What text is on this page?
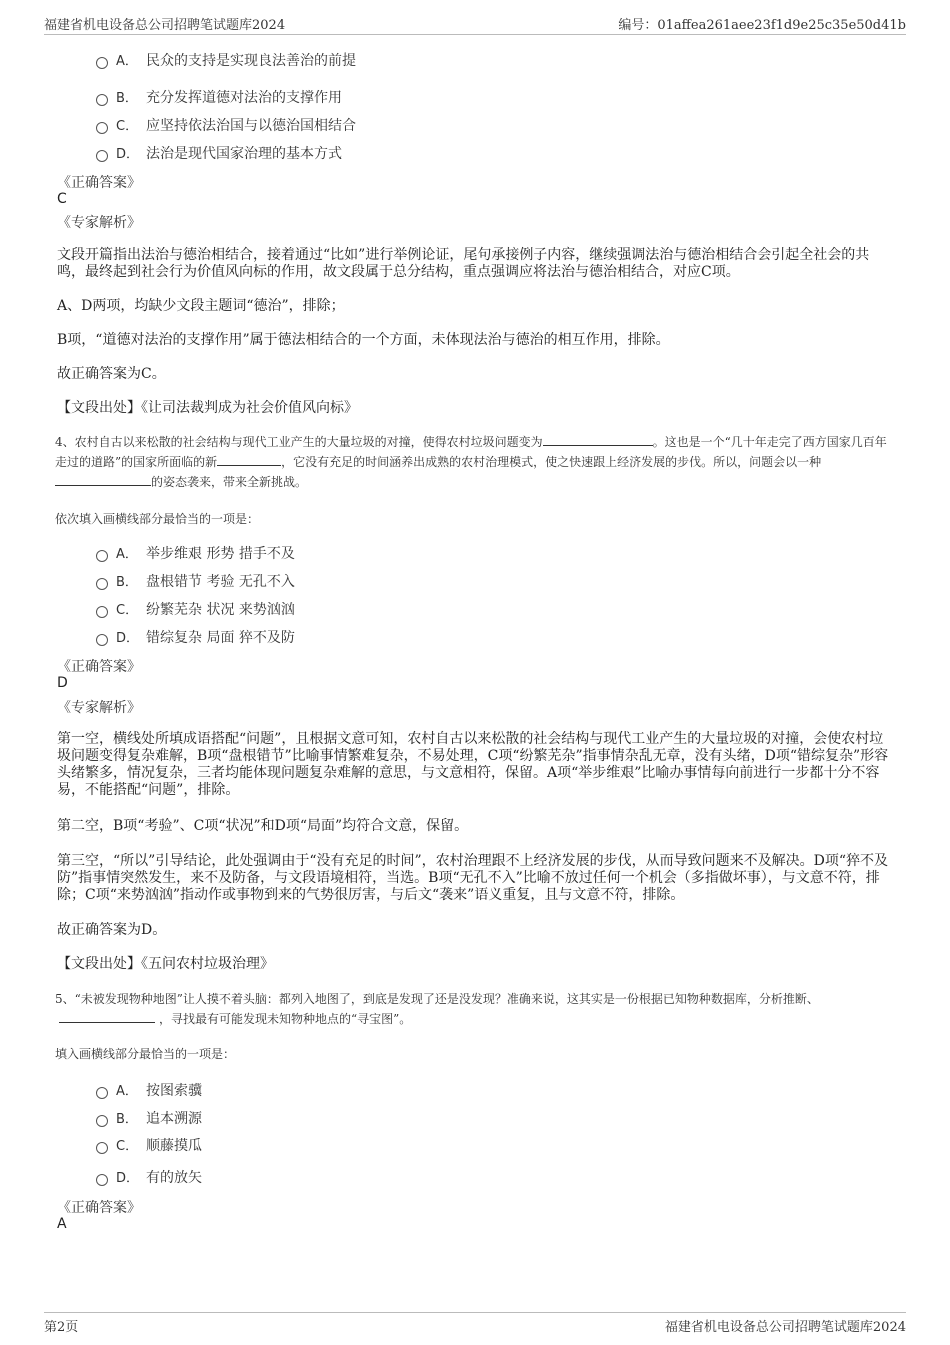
福建省机电设备总公司招聘笔试题库2024	编号：01affea261aee23f1d9e25c35e50d41b
A． 民众的支持是实现良法善治的前提
B． 充分发挥道德对法治的支撑作用
C． 应坚持依法治国与以德治国相结合
D． 法治是现代国家治理的基本方式
《正确答案》
C
《专家解析》
文段开篇指出法治与德治相结合，接着通过“比如”进行举例论证，尾句承接例子内容，继续强调法治与德治相结合会引起全社会的共鸣，最终起到社会行为价值风向标的作用，故文段属于总分结构，重点强调应将法治与德治相结合，对应C项。
A、D两项，均缺少文段主题词“德治”，排除；
B项，“道德对法治的支撑作用”属于德法相结合的一个方面，未体现法治与德治的相互作用，排除。
故正确答案为C。
【文段出处】《让司法裁判成为社会价值风向标》
4、农村自古以来松散的社会结构与现代工业产生的大量垃圾的对撞，使得农村垃圾问题变为	。这也是一个“几十年走完了西方国家几百年走过的道路”的国家所面临的新	，它没有充足的时间涵养出成熟的农村治理模式，使之快速跟上经济发展的步伐。所以，问题会以一种的姿态袭来，带来全新挑战。
依次填入画横线部分最恰当的一项是：
A． 举步维艰 形势 措手不及
B． 盘根错节 考验 无孔不入
C． 纷繁芜杂 状况 来势汹汹
D． 错综复杂 局面 猝不及防
《正确答案》
D
《专家解析》
第一空，横线处所填成语搭配“问题”，且根据文意可知，农村自古以来松散的社会结构与现代工业产生的大量垃圾的对撞，会使农村垃圾问题变得复杂难解，B项“盘根错节”比喻事情繁难复杂，不易处理，C项“纷繁芜杂”指事情杂乱无章，没有头绪，D项“错综复杂”形容头绪繁多，情况复杂，三者均能体现问题复杂难解的意思，与文意相符，保留。A项“举步维艰”比喻办事情每向前进行一步都十分不容易，不能搭配“问题”，排除。
第二空，B项“考验”、C项“状况”和D项“局面”均符合文意，保留。
第三空，“所以”引导结论，此处强调由于“没有充足的时间”，农村治理跟不上经济发展的步伐，从而导致问题来不及解决。D项“猝不及防”指事情突然发生，来不及防备，与文段语境相符，当选。B项“无孔不入”比喻不放过任何一个机会（多指做坏事），与文意不符，排除；C项“来势汹汹”指动作或事物到来的气势很厉害，与后文“袭来”语义重复，且与文意不符，排除。
故正确答案为D。
【文段出处】《五问农村垃圾治理》
5、“未被发现物种地图”让人摸不着头脑：都列入地图了，到底是发现了还是没发现？准确来说，这其实是一份根据已知物种数据库，分析推断、，寻找最有可能发现未知物种地点的“寻宝图”。
填入画横线部分最恰当的一项是：
A． 按图索骥
B． 追本溯源
C． 顺藤摸瓜
D． 有的放矢
《正确答案》
A
第2页	福建省机电设备总公司招聘笔试题库2024
